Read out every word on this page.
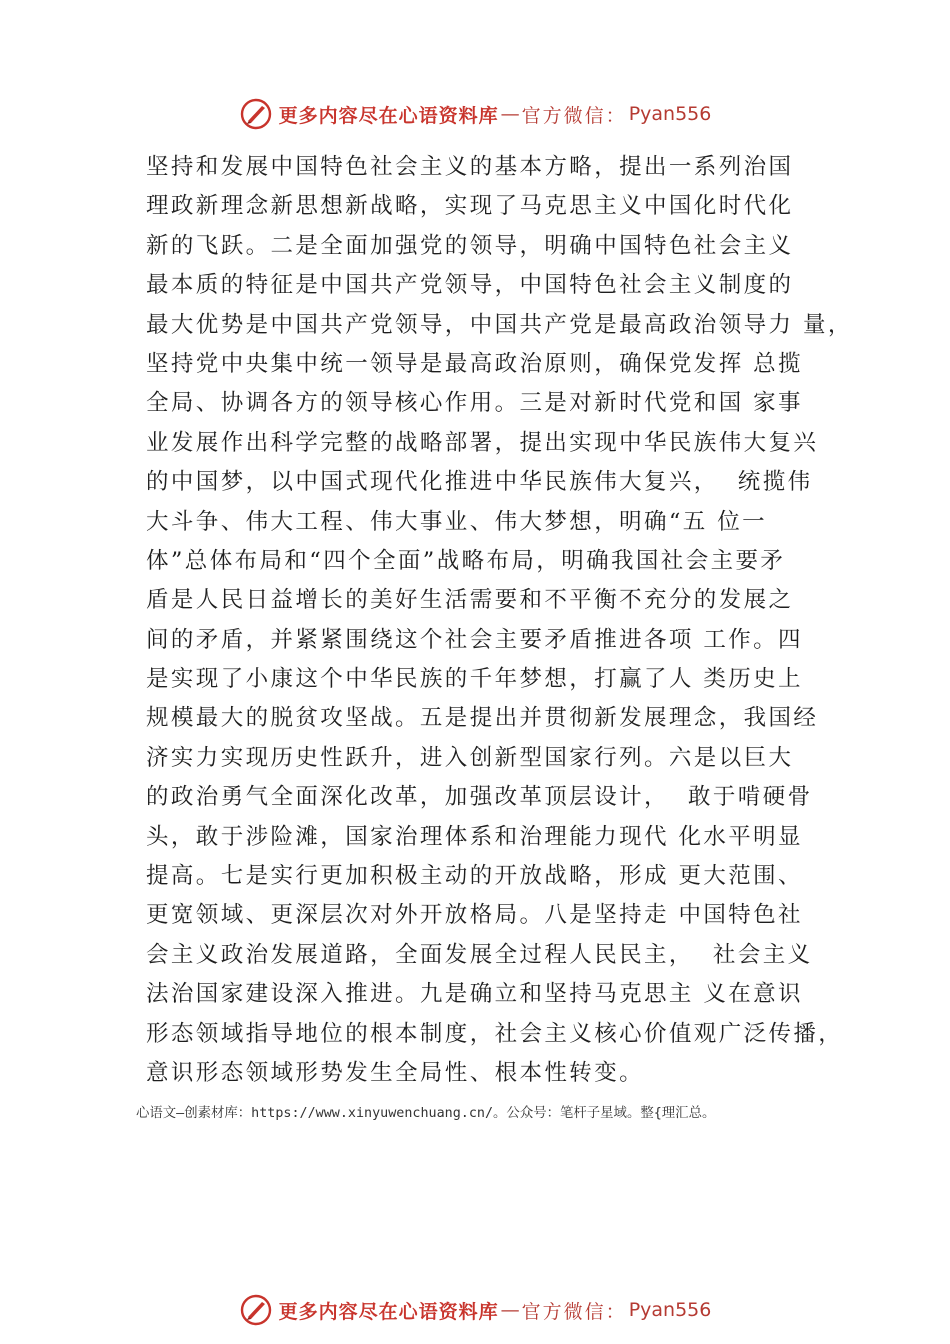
更多内容尽在心语资料库 — 官方微信： Pyan556
坚持和发展中国特色社会主义的基本方略，提出一系列治国
理政新理念新思想新战略，实现了马克思主义中国化时代化
新的飞跃。二是全面加强党的领导，明确中国特色社会主义
最本质的特征是中国共产党领导，中国特色社会主义制度的
最大优势是中国共产党领导，中国共产党是最高政治领导力 量，
坚持党中央集中统一领导是最高政治原则，确保党发挥 总揽
全局、协调各方的领导核心作用。三是对新时代党和国 家事
业发展作出科学完整的战略部署，提出实现中华民族伟大复兴
的中国梦，以中国式现代化推进中华民族伟大复兴，  统揽伟
大斗争、伟大工程、伟大事业、伟大梦想，明确“五 位一
体”总体布局和“四个全面”战略布局，明确我国社会主要矛
盾是人民日益增长的美好生活需要和不平衡不充分的发展之
间的矛盾，并紧紧围绕这个社会主要矛盾推进各项 工作。四
是实现了小康这个中华民族的千年梦想，打赢了人 类历史上
规模最大的脱贫攻坚战。五是提出并贯彻新发展理念，我国经
济实力实现历史性跃升，进入创新型国家行列。六是以巨大
的政治勇气全面深化改革，加强改革顶层设计，  敢于啃硬骨
头，敢于涉险滩，国家治理体系和治理能力现代 化水平明显
提高。七是实行更加积极主动的开放战略，形成 更大范围、
更宽领域、更深层次对外开放格局。八是坚持走 中国特色社
会主义政治发展道路，全面发展全过程人民民主，  社会主义
法治国家建设深入推进。九是确立和坚持马克思主 义在意识
形态领域指导地位的根本制度，社会主义核心价值观广泛传播，
意识形态领域形势发生全局性、根本性转变。
心语文—创素材库：https://www.xinyuwenchuang.cn/。公众号：笔杆子星域。整{理汇总。
更多内容尽在心语资料库 — 官方微信： Pyan556
